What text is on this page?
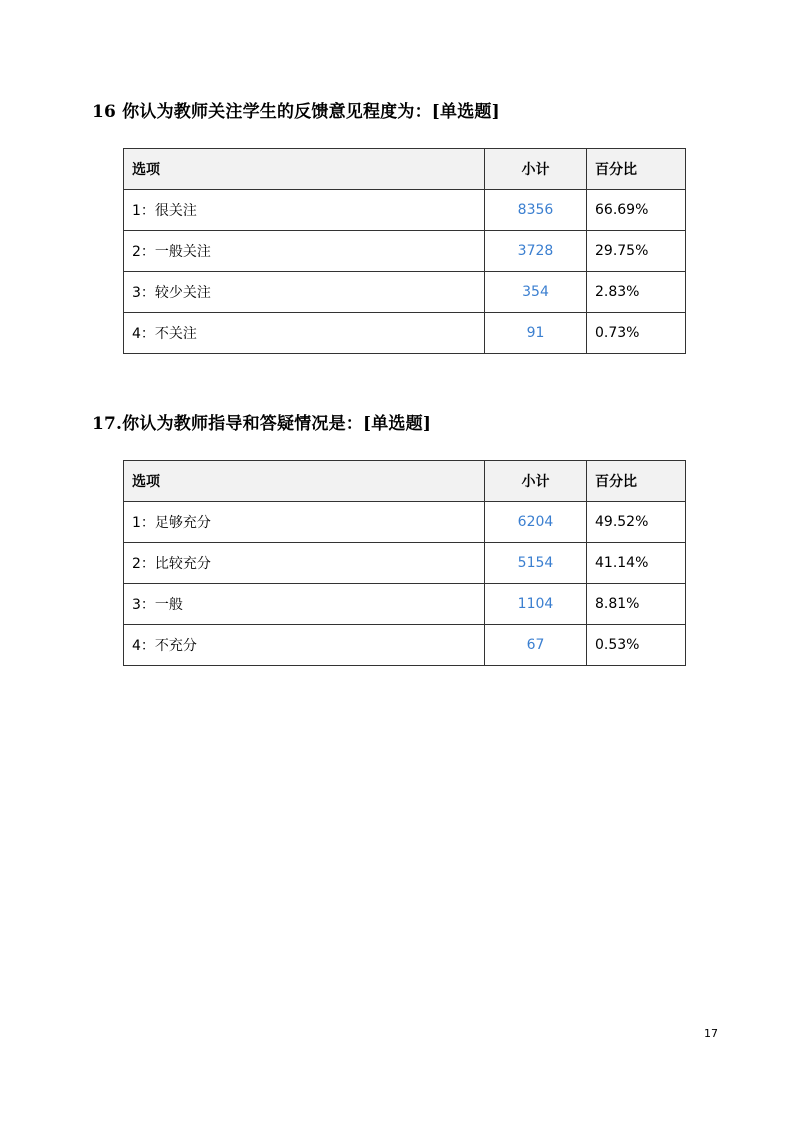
16 你认为教师关注学生的反馈意见程度为：[单选题]
选项	小计	百分比
1：很关注	8356	66.69%
2：一般关注	3728	29.75%
3：较少关注	354	2.83%
4：不关注	91	0.73%
17.你认为教师指导和答疑情况是：[单选题]
选项	小计	百分比
1：足够充分	6204	49.52%
2：比较充分	5154	41.14%
3：一般	1104	8.81%
4：不充分	67	0.53%
17
